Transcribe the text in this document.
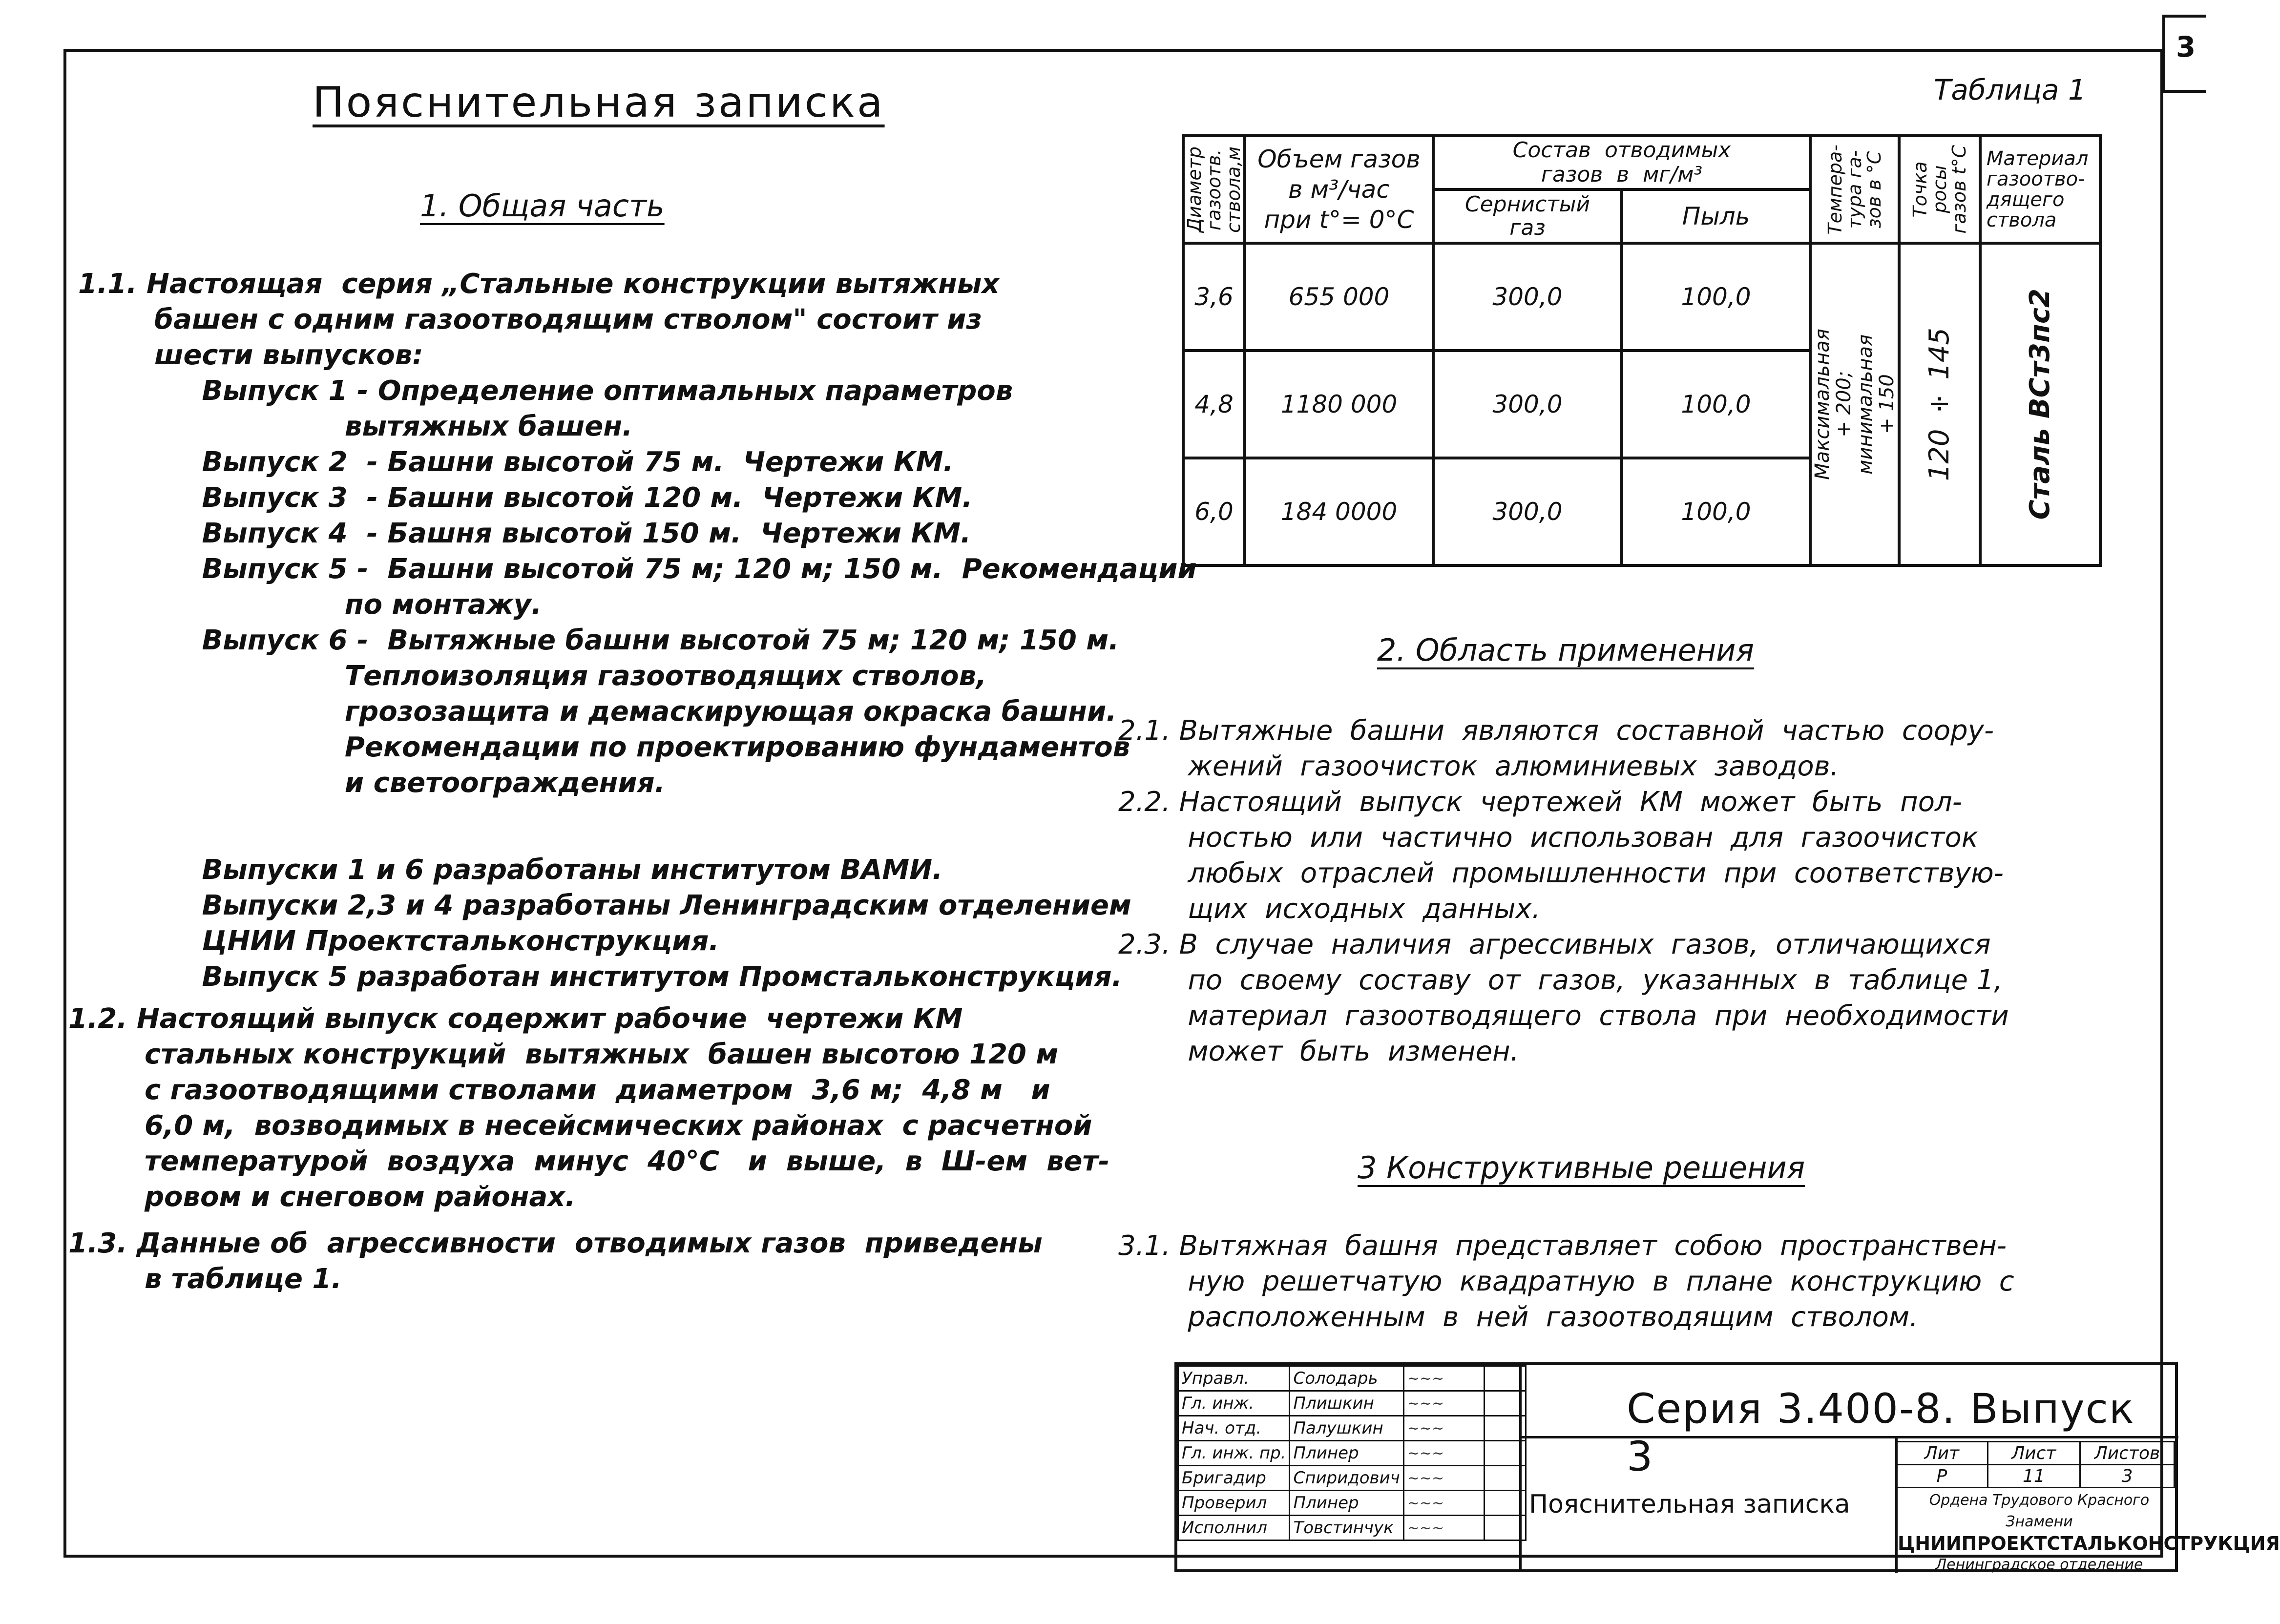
3
Пояснительная записка
1. Общая часть
1.1. Настоящая  серия „Стальные конструкции вытяжных
башен с одним газоотводящим стволом" состоит из
шести выпусков:
Выпуск 1 - Определение оптимальных параметров
вытяжных башен.
Выпуск 2  - Башни высотой 75 м.  Чертежи КМ.
Выпуск 3  - Башни высотой 120 м.  Чертежи КМ.
Выпуск 4  - Башня высотой 150 м.  Чертежи КМ.
Выпуск 5 -  Башни высотой 75 м; 120 м; 150 м.  Рекомендации
по монтажу.
Выпуск 6 -  Вытяжные башни высотой 75 м; 120 м; 150 м.
Теплоизоляция газоотводящих стволов,
грозозащита и демаскирующая окраска башни.
Рекомендации по проектированию фундаментов
и светоограждения.
Выпуски 1 и 6 разработаны институтом ВАМИ.
Выпуски 2,3 и 4 разработаны Ленинградским отделением
ЦНИИ Проектстальконструкция.
Выпуск 5 разработан институтом Промстальконструкция.
1.2. Настоящий выпуск содержит рабочие  чертежи КМ
стальных конструкций  вытяжных  башен высотою 120 м
с газоотводящими стволами  диаметром  3,6 м;  4,8 м   и
6,0 м,  возводимых в несейсмических районах  с расчетной
температурой  воздуха  минус  40°С   и  выше,  в  Ш-ем  вет-
ровом и снеговом районах.
1.3. Данные об  агрессивности  отводимых газов  приведены
в таблице 1.
Таблица 1
Диаметр
газоотв.
ствола,м	Объем газов
в м³/час
при t°= 0°С	Состав  отводимых
газов  в  мг/м³		Темпера-
тура га-
зов в °С	Точка
росы
газов t°С	Материал
газоотво-
дящего
ствола
		Сернистый
газ	Пыль			
3,6	655 000	300,0	100,0	Максимальная
+ 200;
минимальная
+ 150	120 ÷ 145	Сталь ВСт3пс2

4,8	1180 000	300,0	100,0			
6,0	184 0000	300,0	100,0			
2. Область применения
2.1. Вытяжные  башни  являются  составной  частью  соору-
жений  газоочисток  алюминиевых  заводов.
2.2. Настоящий  выпуск  чертежей  КМ  может  быть  пол-
ностью  или  частично  использован  для  газоочисток
любых  отраслей  промышленности  при  соответствую-
щих  исходных  данных.
2.3. В  случае  наличия  агрессивных  газов,  отличающихся
по  своему  составу  от  газов,  указанных  в  таблице 1,
материал  газоотводящего  ствола  при  необходимости
может  быть  изменен.
3 Конструктивные решения
3.1. Вытяжная  башня  представляет  собою  пространствен-
ную  решетчатую  квадратную  в  плане  конструкцию  с
расположенным  в  ней  газоотводящим  стволом.
Управл.	Солодарь	~~~	
Гл. инж.	Плишкин	~~~	
Нач. отд.	Палушкин	~~~	
Гл. инж. пр.	Плинер	~~~	
Бригадир	Спиридович	~~~	
Проверил	Плинер	~~~	
Исполнил	Товстинчук	~~~	
Серия 3.400-8. Выпуск 3
Пояснительная записка
Лит	Лист	Листов
Р	11	3
Ордена Трудового Красного Знамени
ЦНИИПРОЕКТСТАЛЬКОНСТРУКЦИЯ
Ленинградское отделение
